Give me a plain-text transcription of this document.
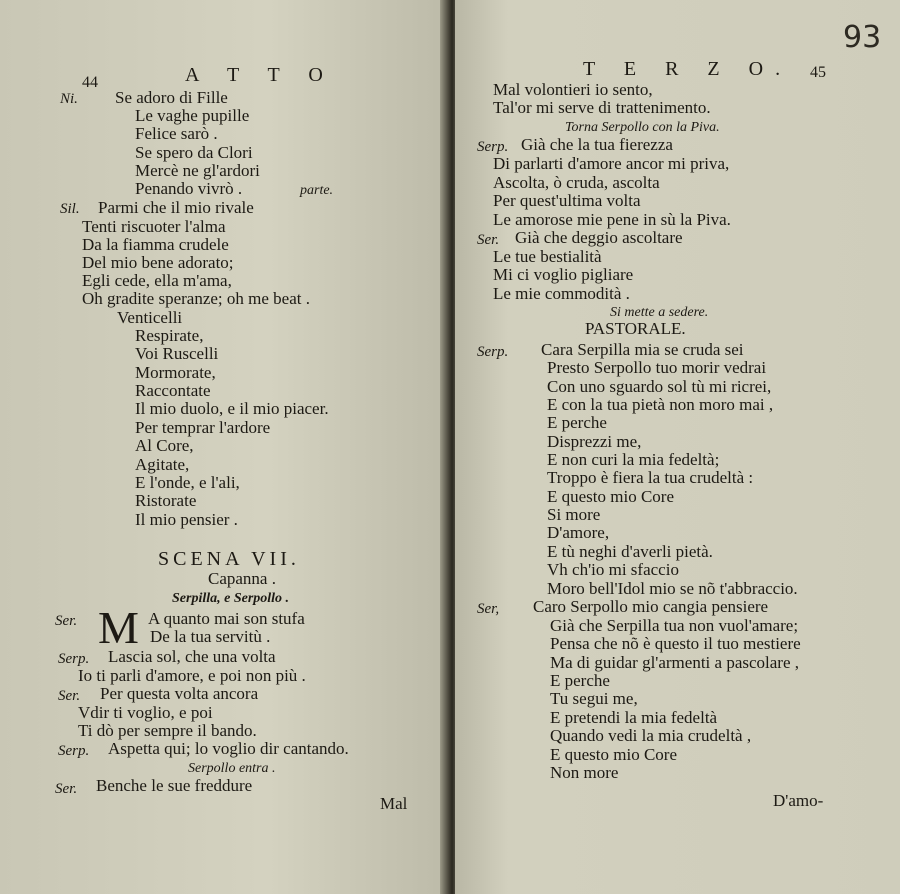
44	A T T O
Ni. Se adoro di Fille
Le vaghe pupille
Felice sarò .
Se spero da Clori
Mercè ne gl'ardori
Penando vivrò .	parte.
Sil. Parmi che il mio rivale
Tenti riscuoter l'alma
Da la fiamma crudele
Del mio bene adorato;
Egli cede, ella m'ama,
Oh gradite speranze; oh me beat .
Venticelli
Respirate,
Voi Ruscelli
Mormorate,
Raccontate
Il mio duolo, e il mio piacer.
Per temprar l'ardore
Al Core,
Agitate,
E l'onde, e l'ali,
Ristorate
Il mio pensier .
SCENA VII.
Capanna .
Serpilla, e Serpollo .
M
Ser.	A quanto mai son stufa
De la tua servitù .
Serp. Lascia sol, che una volta
Io ti parli d'amore, e poi non più .
Ser. Per questa volta ancora
Vdir ti voglio, e poi
Ti dò per sempre il bando.
Serp. Aspetta qui; lo voglio dir cantando.
Serpollo entra .
Ser. Benche le sue freddure
Mal
T E R Z O. 45
93
Mal volontieri io sento,
Tal'or mi serve di trattenimento.
Torna Serpollo con la Piva.
Serp. Già che la tua fierezza
Di parlarti d'amore ancor mi priva,
Ascolta, ò cruda, ascolta
Per quest'ultima volta
Le amorose mie pene in sù la Piva.
Ser. Già che deggio ascoltare
Le tue bestialità
Mi ci voglio pigliare
Le mie commodità .
Si mette a sedere.
PASTORALE.
Serp. Cara Serpilla mia se cruda sei
Presto Serpollo tuo morir vedrai
Con uno sguardo sol tù mi ricrei,
E con la tua pietà non moro mai ,
E perche
Disprezzi me,
E non curi la mia fedeltà;
Troppo è fiera la tua crudeltà :
E questo mio Core
Si more
D'amore,
E tù neghi d'averli pietà.
Vh ch'io mi sfaccio
Moro bell'Idol mio se nõ t'abbraccio.
Ser, Caro Serpollo mio cangia pensiere
Già che Serpilla tua non vuol'amare;
Pensa che nõ è questo il tuo mestiere
Ma di guidar gl'armenti a pascolare ,
E perche
Tu segui me,
E pretendi la mia fedeltà
Quando vedi la mia crudeltà ,
E questo mio Core
Non more
D'amo-
